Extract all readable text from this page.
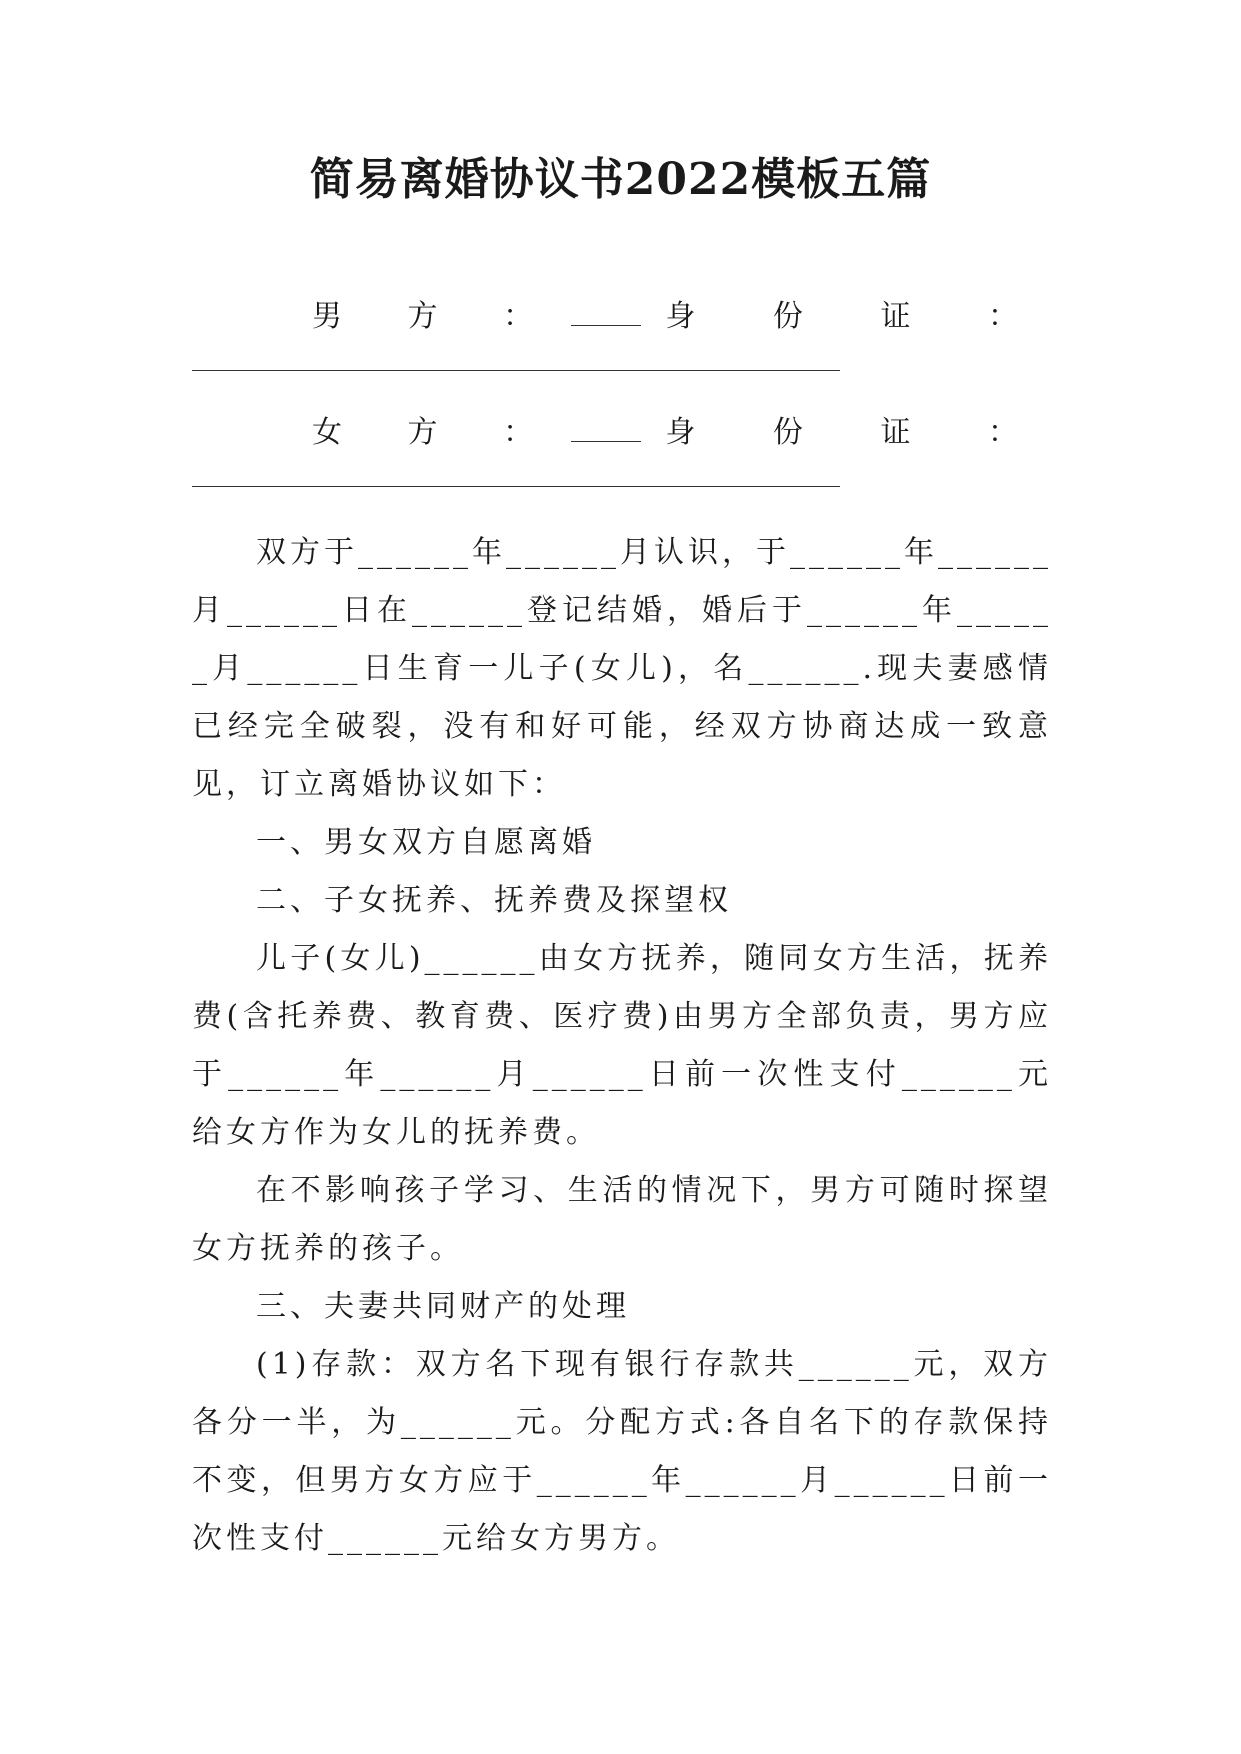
简易离婚协议书2022模板五篇
男 方 ：	身 份 证 ：
女 方 ：	身 份 证 ：

双方于______年______月认识，于______年______月______日在______登记结婚，婚后于______年______月______日生育一儿子(女儿)，名______.现夫妻感情已经完全破裂，没有和好可能，经双方协商达成一致意见，订立离婚协议如下：

一、男女双方自愿离婚

二、子女抚养、抚养费及探望权

儿子(女儿)______由女方抚养，随同女方生活，抚养费(含托养费、教育费、医疗费)由男方全部负责，男方应于______年______月______日前一次性支付______元给女方作为女儿的抚养费。

在不影响孩子学习、生活的情况下，男方可随时探望女方抚养的孩子。

三、夫妻共同财产的处理

(1)存款：双方名下现有银行存款共______元，双方各分一半，为______元。分配方式:各自名下的存款保持不变，但男方女方应于______年______月______日前一次性支付______元给女方男方。
